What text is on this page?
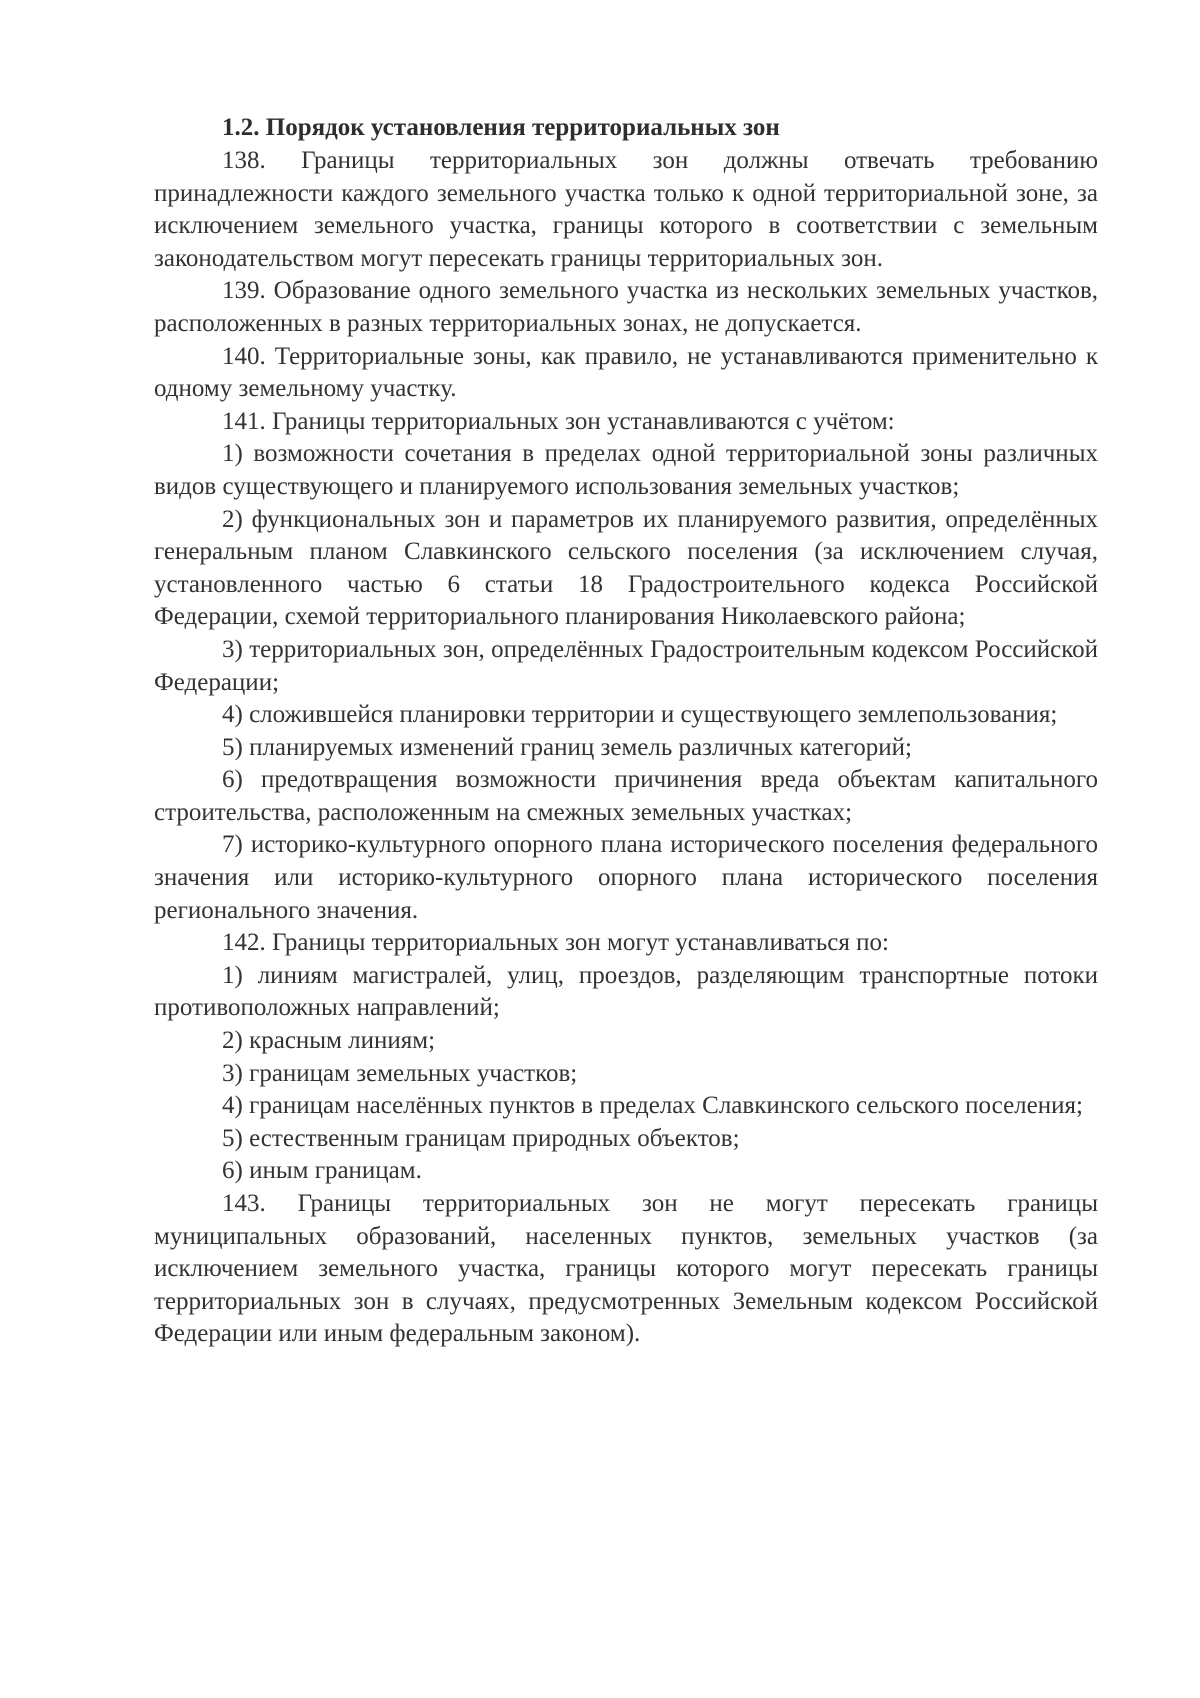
1.2. Порядок установления территориальных зон

138. Границы территориальных зон должны отвечать требованию принадлежности каждого земельного участка только к одной территориальной зоне, за исключением земельного участка, границы которого в соответствии с земельным законодательством могут пересекать границы территориальных зон.

139. Образование одного земельного участка из нескольких земельных участков, расположенных в разных территориальных зонах, не допускается.

140. Территориальные зоны, как правило, не устанавливаются применительно к одному земельному участку.

141. Границы территориальных зон устанавливаются с учётом:

1) возможности сочетания в пределах одной территориальной зоны различных видов существующего и планируемого использования земельных участков;

2) функциональных зон и параметров их планируемого развития, определённых генеральным планом Славкинского сельского поселения (за исключением случая, установленного частью 6 статьи 18 Градостроительного кодекса Российской Федерации, схемой территориального планирования Николаевского района;

3) территориальных зон, определённых Градостроительным кодексом Российской Федерации;

4) сложившейся планировки территории и существующего землепользования;

5) планируемых изменений границ земель различных категорий;

6) предотвращения возможности причинения вреда объектам капитального строительства, расположенным на смежных земельных участках;

7) историко-культурного опорного плана исторического поселения федерального значения или историко-культурного опорного плана исторического поселения регионального значения.

142. Границы территориальных зон могут устанавливаться по:

1) линиям магистралей, улиц, проездов, разделяющим транспортные потоки противоположных направлений;

2) красным линиям;

3) границам земельных участков;

4) границам населённых пунктов в пределах Славкинского сельского поселения;

5) естественным границам природных объектов;

6) иным границам.

143. Границы территориальных зон не могут пересекать границы муниципальных образований, населенных пунктов, земельных участков (за исключением земельного участка, границы которого могут пересекать границы территориальных зон в случаях, предусмотренных Земельным кодексом Российской Федерации или иным федеральным законом).
